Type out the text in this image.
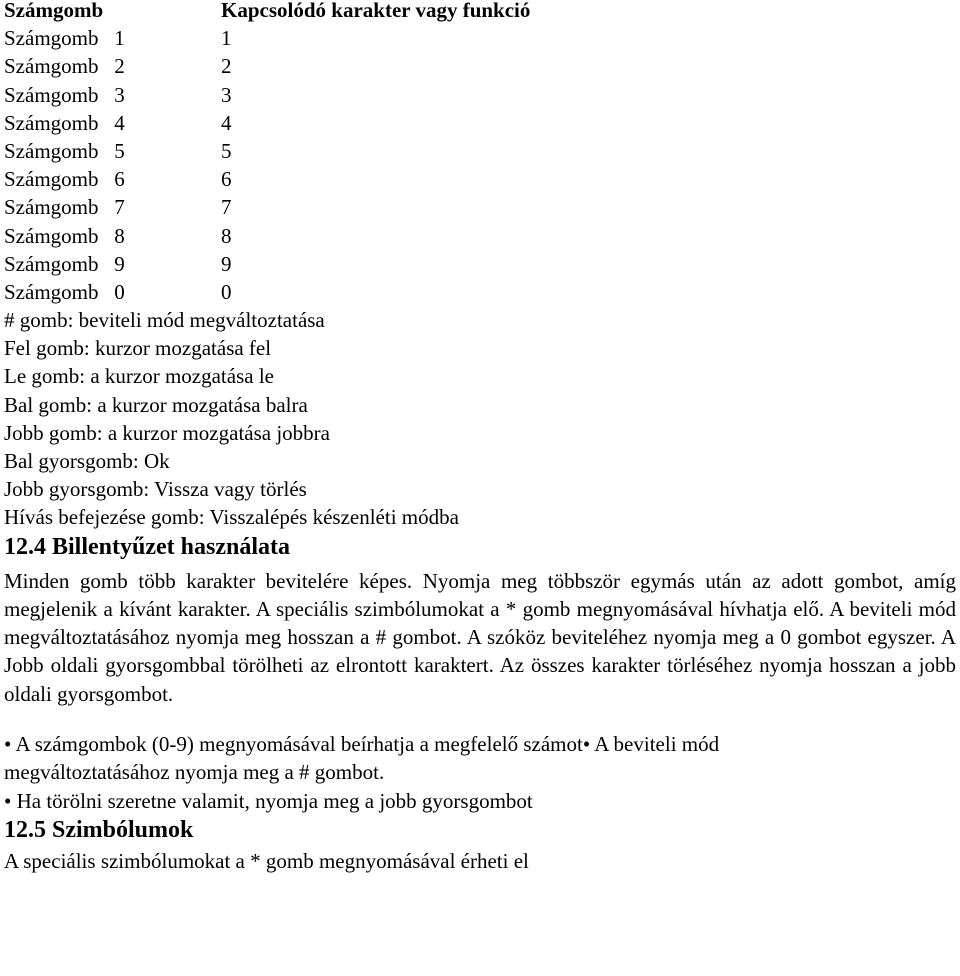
Számgomb	Kapcsolódó karakter vagy funkció
Számgomb   1	1
Számgomb   2	2
Számgomb   3	3
Számgomb   4	4
Számgomb   5	5
Számgomb   6	6
Számgomb   7	7
Számgomb   8	8
Számgomb   9	9
Számgomb   0	0
# gomb: beviteli mód megváltoztatása
Fel gomb: kurzor mozgatása fel
Le gomb: a kurzor mozgatása le
Bal gomb: a kurzor mozgatása balra
Jobb gomb: a kurzor mozgatása jobbra
Bal gyorsgomb: Ok
Jobb gyorsgomb: Vissza vagy törlés
Hívás befejezése gomb: Visszalépés készenléti módba
12.4 Billentyűzet használata
Minden gomb több karakter bevitelére képes. Nyomja meg többször egymás után az adott gombot, amíg megjelenik a kívánt karakter. A speciális szimbólumokat a * gomb megnyomásával hívhatja elő. A beviteli mód megváltoztatásához nyomja meg hosszan a # gombot. A szóköz beviteléhez nyomja meg a 0 gombot egyszer. A Jobb oldali gyorsgombbal törölheti az elrontott karaktert. Az összes karakter törléséhez nyomja hosszan a jobb oldali gyorsgombot.
• A számgombok (0-9) megnyomásával beírhatja a megfelelő számot• A beviteli mód
megváltoztatásához nyomja meg a # gombot.
• Ha törölni szeretne valamit, nyomja meg a jobb gyorsgombot
12.5 Szimbólumok
A speciális szimbólumokat a * gomb megnyomásával érheti el
